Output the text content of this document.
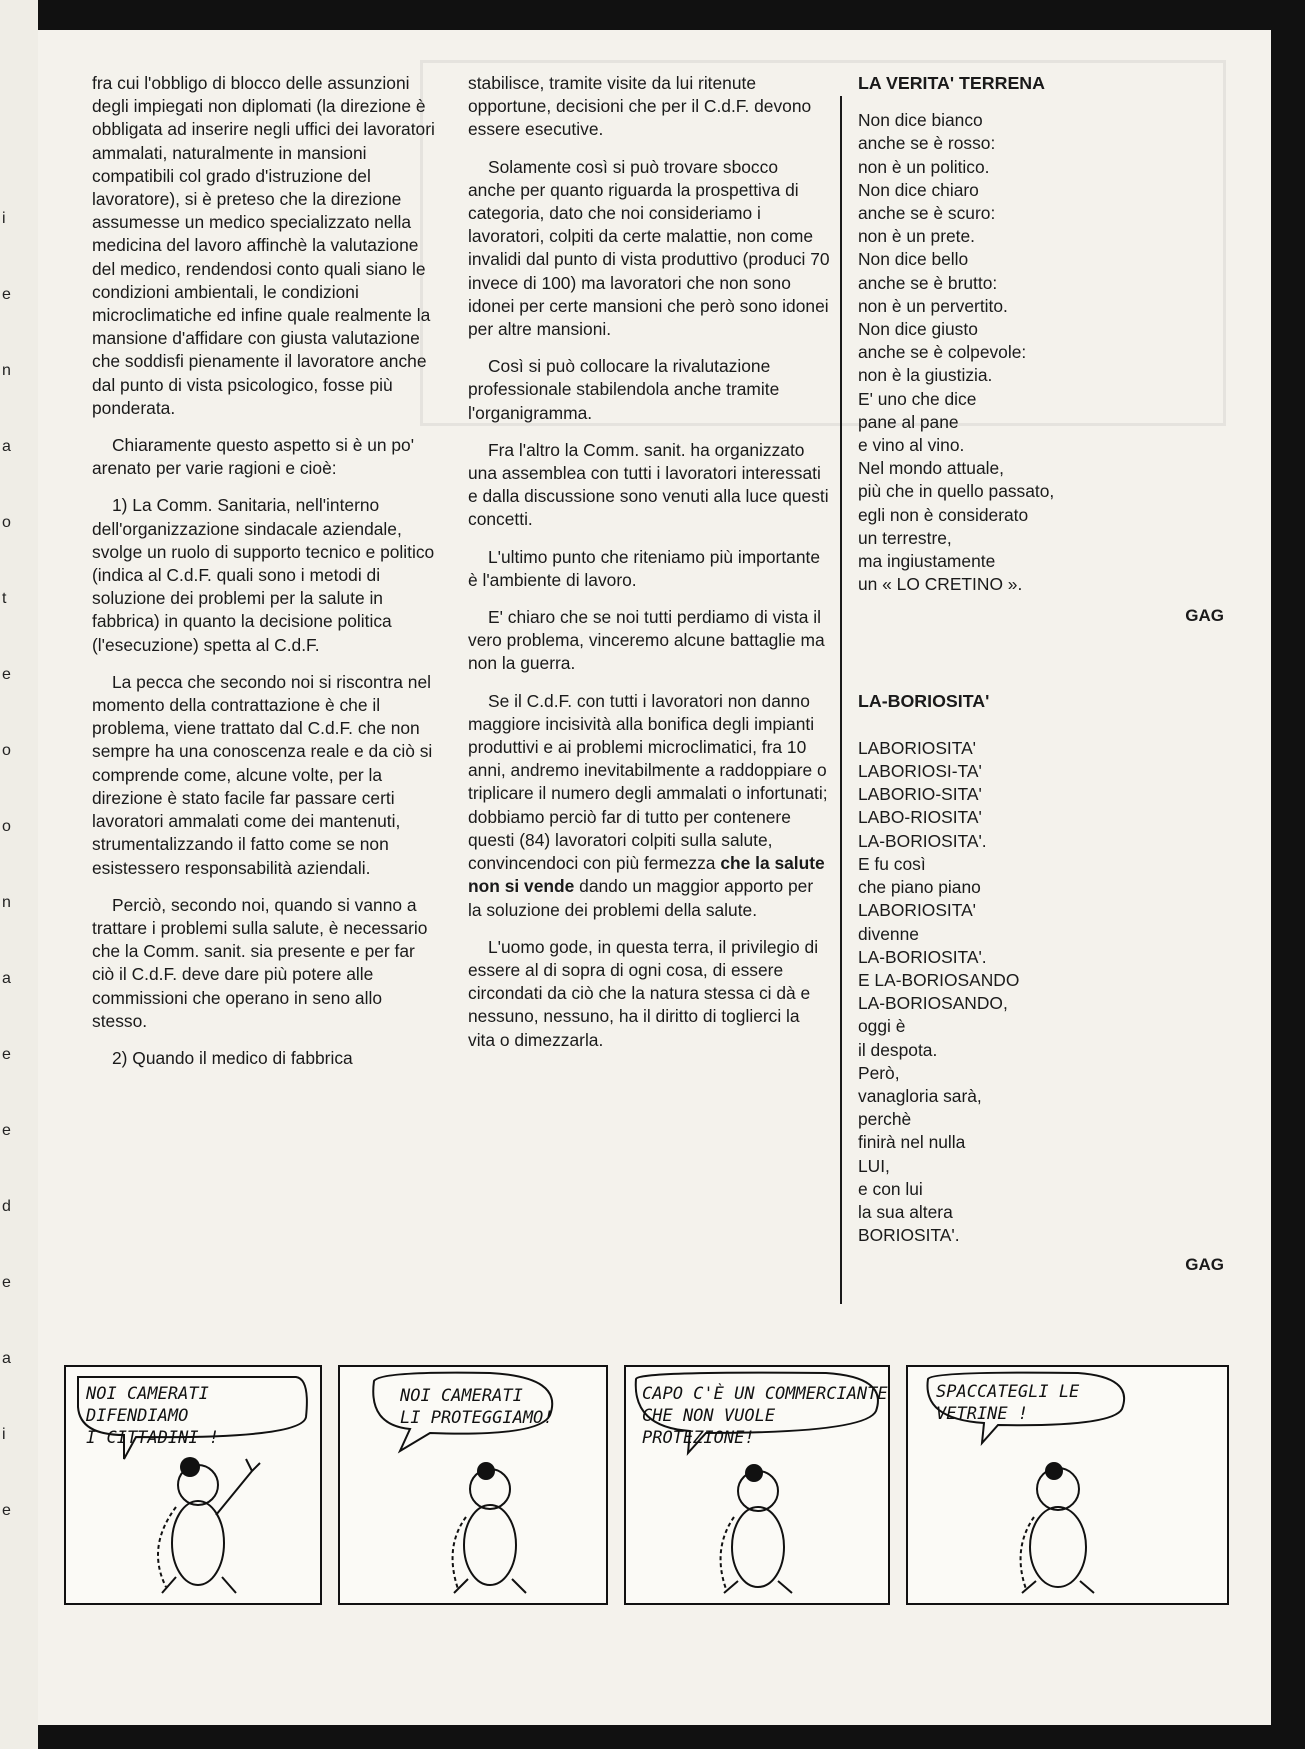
i
e
n
a
o
t
e
o
o
n
a
e
e
d
e
a
i
e

fra cui l'obbligo di blocco delle assunzioni degli impiegati non diplomati (la direzione è obbligata ad inserire negli uffici dei lavoratori ammalati, naturalmente in mansioni compatibili col grado d'istruzione del lavoratore), si è preteso che la direzione assumesse un medico specializzato nella medicina del lavoro affinchè la valutazione del medico, rendendosi conto quali siano le condizioni ambientali, le condizioni microclimatiche ed infine quale realmente la mansione d'affidare con giusta valutazione che soddisfi pienamente il lavoratore anche dal punto di vista psicologico, fosse più ponderata.

Chiaramente questo aspetto si è un po' arenato per varie ragioni e cioè:

1) La Comm. Sanitaria, nell'interno dell'organizzazione sindacale aziendale, svolge un ruolo di supporto tecnico e politico (indica al C.d.F. quali sono i metodi di soluzione dei problemi per la salute in fabbrica) in quanto la decisione politica (l'esecuzione) spetta al C.d.F.

La pecca che secondo noi si riscontra nel momento della contrattazione è che il problema, viene trattato dal C.d.F. che non sempre ha una conoscenza reale e da ciò si comprende come, alcune volte, per la direzione è stato facile far passare certi lavoratori ammalati come dei mantenuti, strumentalizzando il fatto come se non esistessero responsabilità aziendali.

Perciò, secondo noi, quando si vanno a trattare i problemi sulla salute, è necessario che la Comm. sanit. sia presente e per far ciò il C.d.F. deve dare più potere alle commissioni che operano in seno allo stesso.

2) Quando il medico di fabbrica

stabilisce, tramite visite da lui ritenute opportune, decisioni che per il C.d.F. devono essere esecutive.

Solamente così si può trovare sbocco anche per quanto riguarda la prospettiva di categoria, dato che noi consideriamo i lavoratori, colpiti da certe malattie, non come invalidi dal punto di vista produttivo (produci 70 invece di 100) ma lavoratori che non sono idonei per certe mansioni che però sono idonei per altre mansioni.

Così si può collocare la rivalutazione professionale stabilendola anche tramite l'organigramma.

Fra l'altro la Comm. sanit. ha organizzato una assemblea con tutti i lavoratori interessati e dalla discussione sono venuti alla luce questi concetti.

L'ultimo punto che riteniamo più importante è l'ambiente di lavoro.

E' chiaro che se noi tutti perdiamo di vista il vero problema, vinceremo alcune battaglie ma non la guerra.

Se il C.d.F. con tutti i lavoratori non danno maggiore incisività alla bonifica degli impianti produttivi e ai problemi microclimatici, fra 10 anni, andremo inevitabilmente a raddoppiare o triplicare il numero degli ammalati o infortunati; dobbiamo perciò far di tutto per contenere questi (84) lavoratori colpiti sulla salute, convincendoci con più fermezza che la salute non si vende dando un maggior apporto per la soluzione dei problemi della salute.

L'uomo gode, in questa terra, il privilegio di essere al di sopra di ogni cosa, di essere circondati da ciò che la natura stessa ci dà e nessuno, nessuno, ha il diritto di toglierci la vita o dimezzarla.

LA VERITA' TERRENA

Non dice bianco
anche se è rosso:
non è un politico.
Non dice chiaro
anche se è scuro:
non è un prete.
Non dice bello
anche se è brutto:
non è un pervertito.
Non dice giusto
anche se è colpevole:
non è la giustizia.
E' uno che dice
pane al pane
e vino al vino.
Nel mondo attuale,
più che in quello passato,
egli non è considerato
un terrestre,
ma ingiustamente
un « LO CRETINO ».

GAG

LA-BORIOSITA'

LABORIOSITA'
LABORIOSI-TA'
LABORIO-SITA'
LABO-RIOSITA'
LA-BORIOSITA'.
E fu così
che piano piano
LABORIOSITA'
divenne
LA-BORIOSITA'.
E LA-BORIOSANDO
LA-BORIOSANDO,
oggi è
il despota.
Però,
vanagloria sarà,
perchè
finirà nel nulla
LUI,
e con lui
la sua altera
BORIOSITA'.

GAG

NOI CAMERATI DIFENDIAMO
I CITTADINI !
NOI CAMERATI
LI PROTEGGIAMO!
CAPO C'È UN COMMERCIANTE
CHE NON VUOLE PROTEZIONE!
SPACCATEGLI LE
VETRINE !
